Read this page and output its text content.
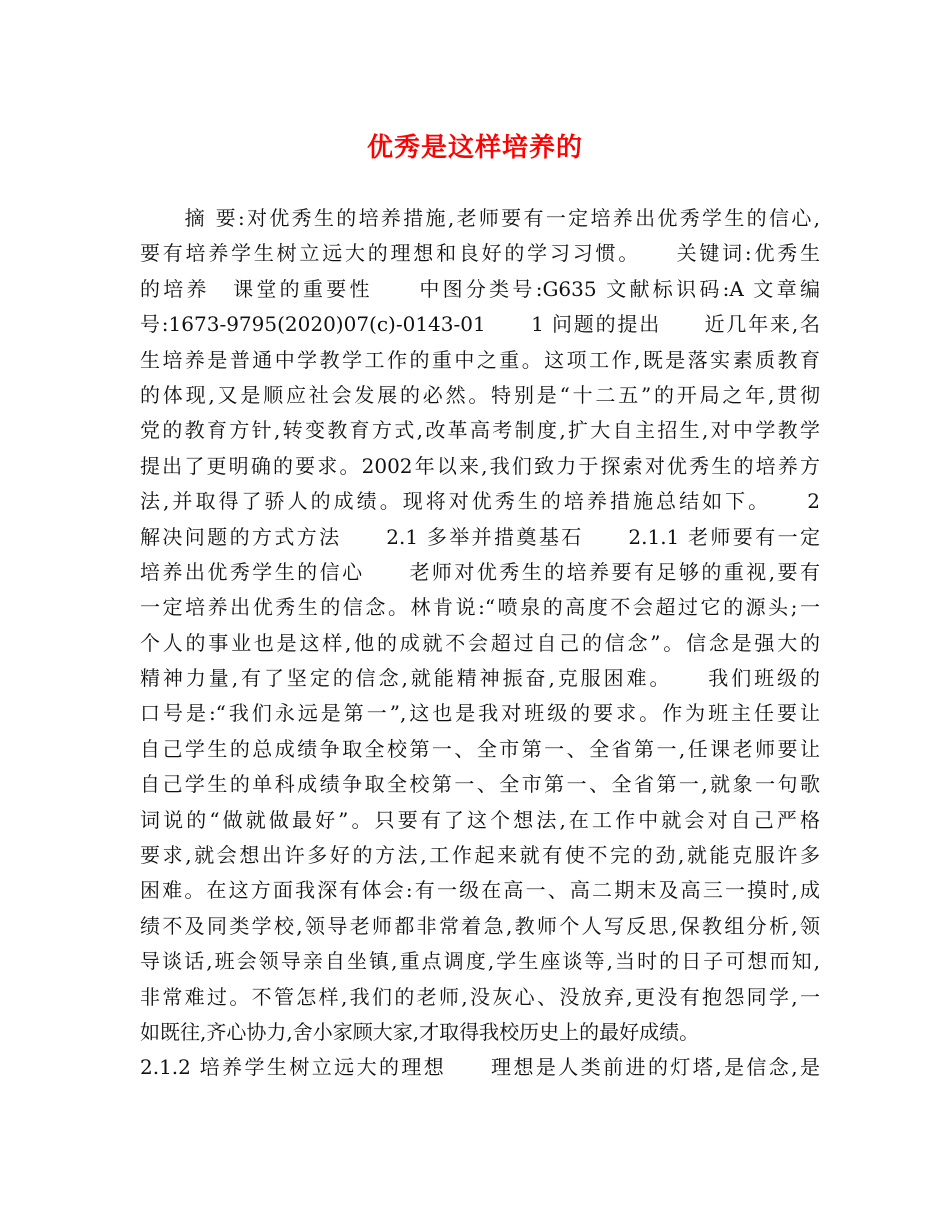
优秀是这样培养的
　　摘 要:对优秀生的培养措施,老师要有一定培养出优秀学生的信心,
要有培养学生树立远大的理想和良好的学习习惯。　　关键词:优秀生
的培养　课堂的重要性　　中图分类号:G635 文献标识码:A 文章编
号:1673-9795(2020)07(c)-0143-01　　1 问题的提出　　近几年来,名
生培养是普通中学教学工作的重中之重。这项工作,既是落实素质教育
的体现,又是顺应社会发展的必然。特别是“十二五”的开局之年,贯彻
党的教育方针,转变教育方式,改革高考制度,扩大自主招生,对中学教学
提出了更明确的要求。2002年以来,我们致力于探索对优秀生的培养方
法,并取得了骄人的成绩。现将对优秀生的培养措施总结如下。　　2
解决问题的方式方法　　2.1 多举并措奠基石　　2.1.1 老师要有一定
培养出优秀学生的信心　　老师对优秀生的培养要有足够的重视,要有
一定培养出优秀生的信念。林肯说:“喷泉的高度不会超过它的源头;一
个人的事业也是这样,他的成就不会超过自己的信念”。信念是强大的
精神力量,有了坚定的信念,就能精神振奋,克服困难。　　我们班级的
口号是:“我们永远是第一”,这也是我对班级的要求。作为班主任要让
自己学生的总成绩争取全校第一、全市第一、全省第一,任课老师要让
自己学生的单科成绩争取全校第一、全市第一、全省第一,就象一句歌
词说的“做就做最好”。只要有了这个想法,在工作中就会对自己严格
要求,就会想出许多好的方法,工作起来就有使不完的劲,就能克服许多
困难。在这方面我深有体会:有一级在高一、高二期末及高三一摸时,成
绩不及同类学校,领导老师都非常着急,教师个人写反思,保教组分析,领
导谈话,班会领导亲自坐镇,重点调度,学生座谈等,当时的日子可想而知,
非常难过。不管怎样,我们的老师,没灰心、没放弃,更没有抱怨同学,一
如既往,齐心协力,舍小家顾大家,才取得我校历史上的最好成绩。
2.1.2 培养学生树立远大的理想　　理想是人类前进的灯塔,是信念,是
